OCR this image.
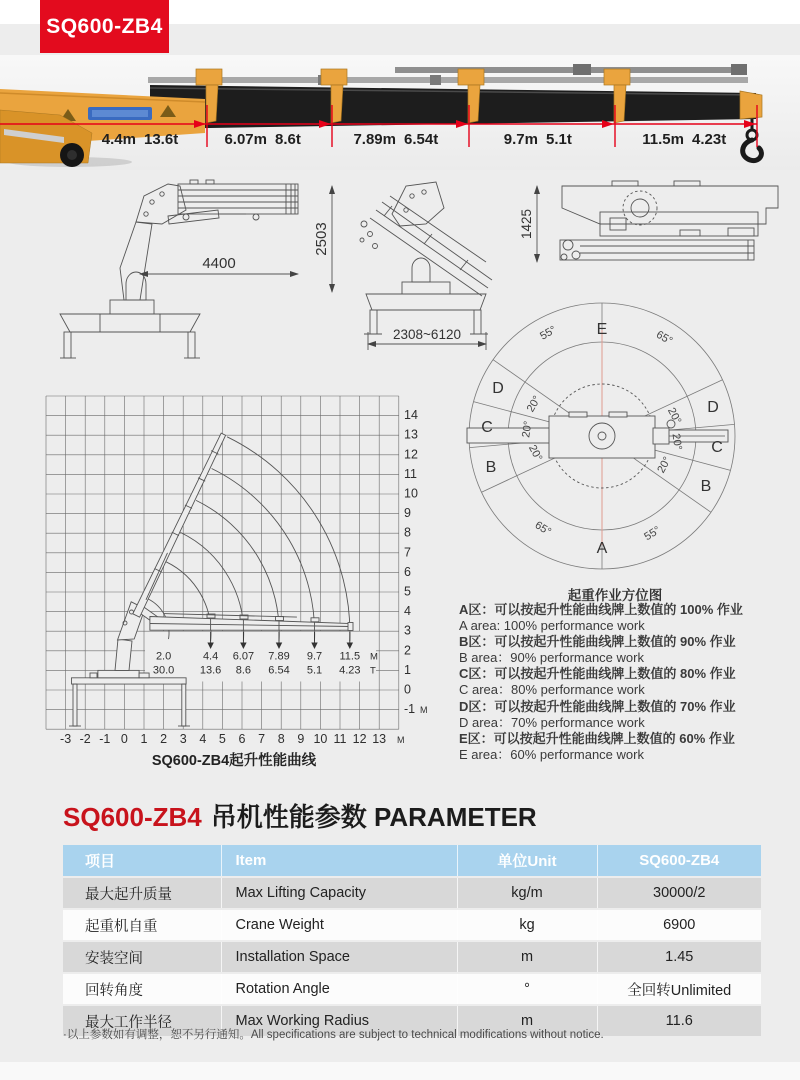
SQ600-ZB4
4.4m 13.6t	6.07m 8.6t	7.89m 6.54t	9.7m 5.1t	11.5m 4.23t
4400
2503
2308~6120
1425
E
A
D
C
B
D
C
B
55°	65°
65°	55°
20°
20°
20°
20°
20°
20°
起重作业方位图
2.0	4.4 6.07 7.89 9.7 11.5
30.0 13.6 8.6 6.54 5.1 4.23
M
T
-3 -2 -1 0 1 2 3 4 5 6 7 8 9 10 11 12 13 M
14
13
12
11
10
9
8
7
6
5
4
3
2
1
0
-1 M
SQ600-ZB4起升性能曲线
A区：可以按起升性能曲线牌上数值的 100% 作业
A area: 100% performance work
B区：可以按起升性能曲线牌上数值的 90% 作业
B area：90% performance work
C区：可以按起升性能曲线牌上数值的 80% 作业
C area：80% performance work
D区：可以按起升性能曲线牌上数值的 70% 作业
D area：70% performance work
E区：可以按起升性能曲线牌上数值的 60% 作业
E area：60% performance work
SQ600-ZB4 吊机性能参数 PARAMETER
项目	Item	单位Unit	SQ600-ZB4
最大起升质量	Max Lifting Capacity	kg/m	30000/2
起重机自重	Crane Weight	kg	6900
安装空间	Installation Space	m	1.45
回转角度	Rotation Angle	°	全回转Unlimited
最大工作半径	Max Working Radius	m	11.6
·以上参数如有调整，恕不另行通知。All specifications are subject to technical modifications without notice.
